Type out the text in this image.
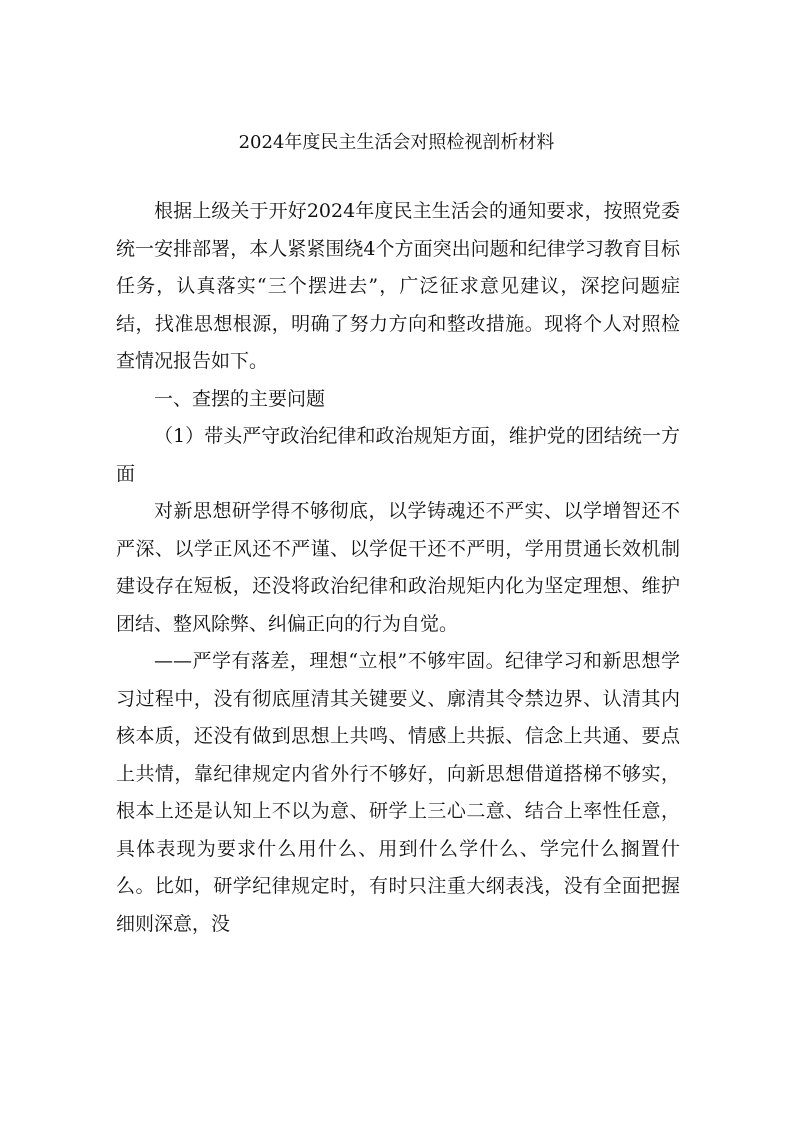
2024年度民主生活会对照检视剖析材料

根据上级关于开好2024年度民主生活会的通知要求，按照党委统一安排部署，本人紧紧围绕4个方面突出问题和纪律学习教育目标任务，认真落实“三个摆进去”，广泛征求意见建议，深挖问题症结，找准思想根源，明确了努力方向和整改措施。现将个人对照检查情况报告如下。

一、查摆的主要问题

（1）带头严守政治纪律和政治规矩方面，维护党的团结统一方面

对新思想研学得不够彻底，以学铸魂还不严实、以学增智还不严深、以学正风还不严谨、以学促干还不严明，学用贯通长效机制建设存在短板，还没将政治纪律和政治规矩内化为坚定理想、维护团结、整风除弊、纠偏正向的行为自觉。

——严学有落差，理想“立根”不够牢固。纪律学习和新思想学习过程中，没有彻底厘清其关键要义、廓清其令禁边界、认清其内核本质，还没有做到思想上共鸣、情感上共振、信念上共通、要点上共情，靠纪律规定内省外行不够好，向新思想借道搭梯不够实，根本上还是认知上不以为意、研学上三心二意、结合上率性任意，具体表现为要求什么用什么、用到什么学什么、学完什么搁置什么。比如，研学纪律规定时，有时只注重大纲表浅，没有全面把握细则深意，没
